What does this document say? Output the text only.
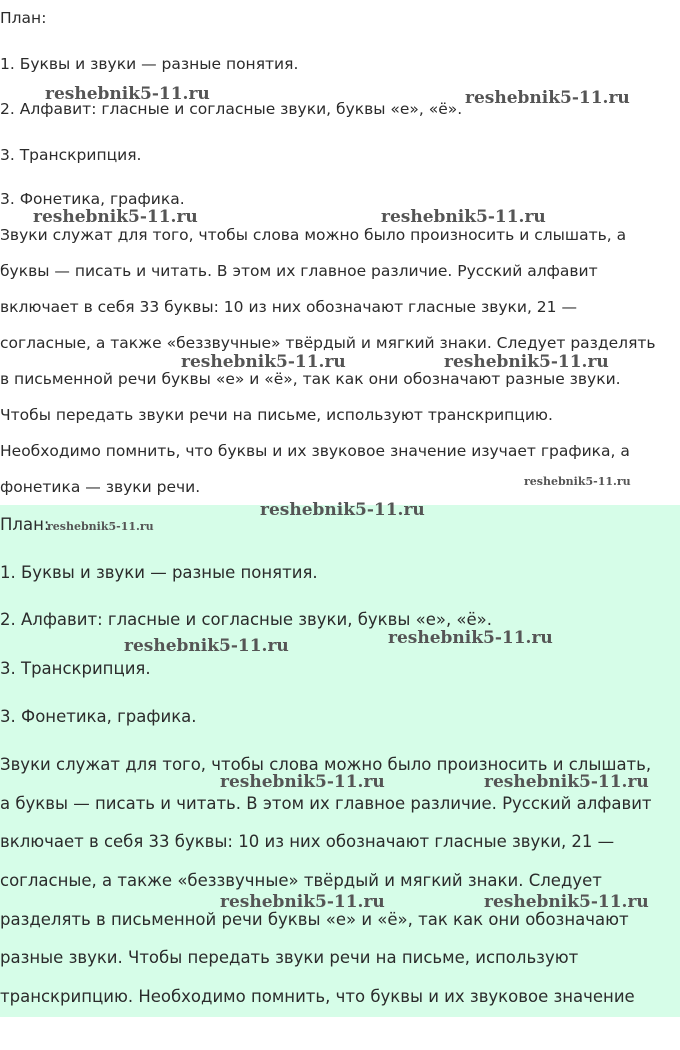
План:
1. Буквы и звуки — разные понятия.
2. Алфавит: гласные и согласные звуки, буквы «е», «ё».
3. Транскрипция.
3. Фонетика, графика.
Звуки служат для того, чтобы слова можно было произносить и слышать, а
буквы — писать и читать. В этом их главное различие. Русский алфавит
включает в себя 33 буквы: 10 из них обозначают гласные звуки, 21 —
согласные, а также «беззвучные» твёрдый и мягкий знаки. Следует разделять
в письменной речи буквы «е» и «ё», так как они обозначают разные звуки.
Чтобы передать звуки речи на письме, используют транскрипцию.
Необходимо помнить, что буквы и их звуковое значение изучает графика, а
фонетика — звуки речи.
План:
1. Буквы и звуки — разные понятия.
2. Алфавит: гласные и согласные звуки, буквы «е», «ё».
3. Транскрипция.
3. Фонетика, графика.
Звуки служат для того, чтобы слова можно было произносить и слышать,
а буквы — писать и читать. В этом их главное различие. Русский алфавит
включает в себя 33 буквы: 10 из них обозначают гласные звуки, 21 —
согласные, а также «беззвучные» твёрдый и мягкий знаки. Следует
разделять в письменной речи буквы «е» и «ё», так как они обозначают
разные звуки. Чтобы передать звуки речи на письме, используют
транскрипцию. Необходимо помнить, что буквы и их звуковое значение
reshebnik5-11.ru	reshebnik5-11.ru
reshebnik5-11.ru	reshebnik5-11.ru
reshebnik5-11.ru	reshebnik5-11.ru
reshebnik5-11.ru
reshebnik5-11.ru
reshebnik5-11.ru
reshebnik5-11.ru
reshebnik5-11.ru
reshebnik5-11.ru	reshebnik5-11.ru
reshebnik5-11.ru	reshebnik5-11.ru
